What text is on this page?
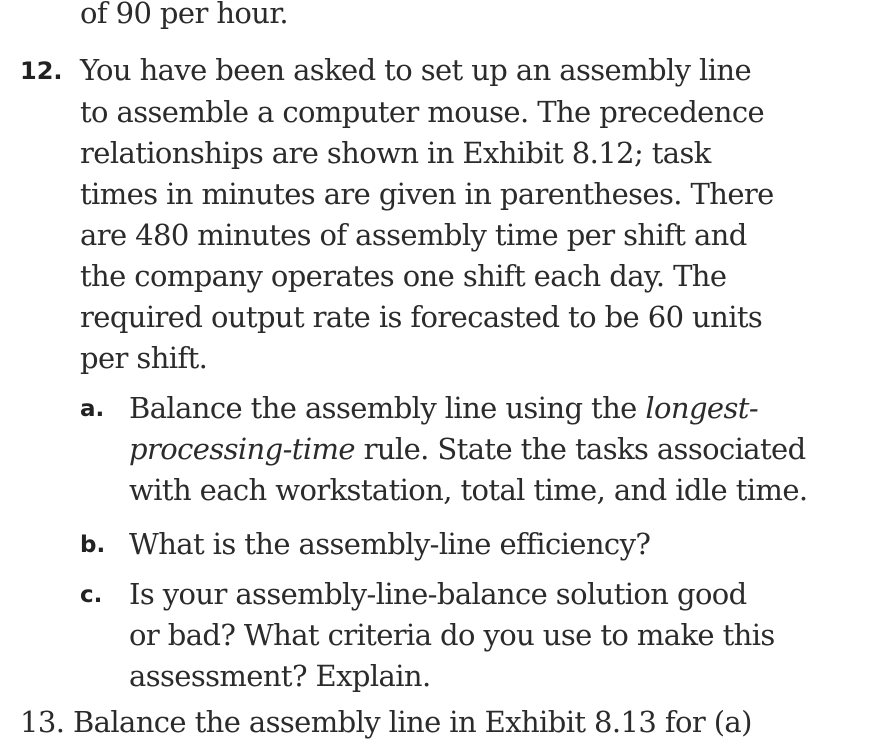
of 90 per hour.
12. You have been asked to set up an assembly line
to assemble a computer mouse. The precedence
relationships are shown in Exhibit 8.12; task
times in minutes are given in parentheses. There
are 480 minutes of assembly time per shift and
the company operates one shift each day. The
required output rate is forecasted to be 60 units
per shift.
a. Balance the assembly line using the longest-
processing-time rule. State the tasks associated
with each workstation, total time, and idle time.
b. What is the assembly-line efficiency?
c. Is your assembly-line-balance solution good
or bad? What criteria do you use to make this
assessment? Explain.
13. Balance the assembly line in Exhibit 8.13 for (a)
